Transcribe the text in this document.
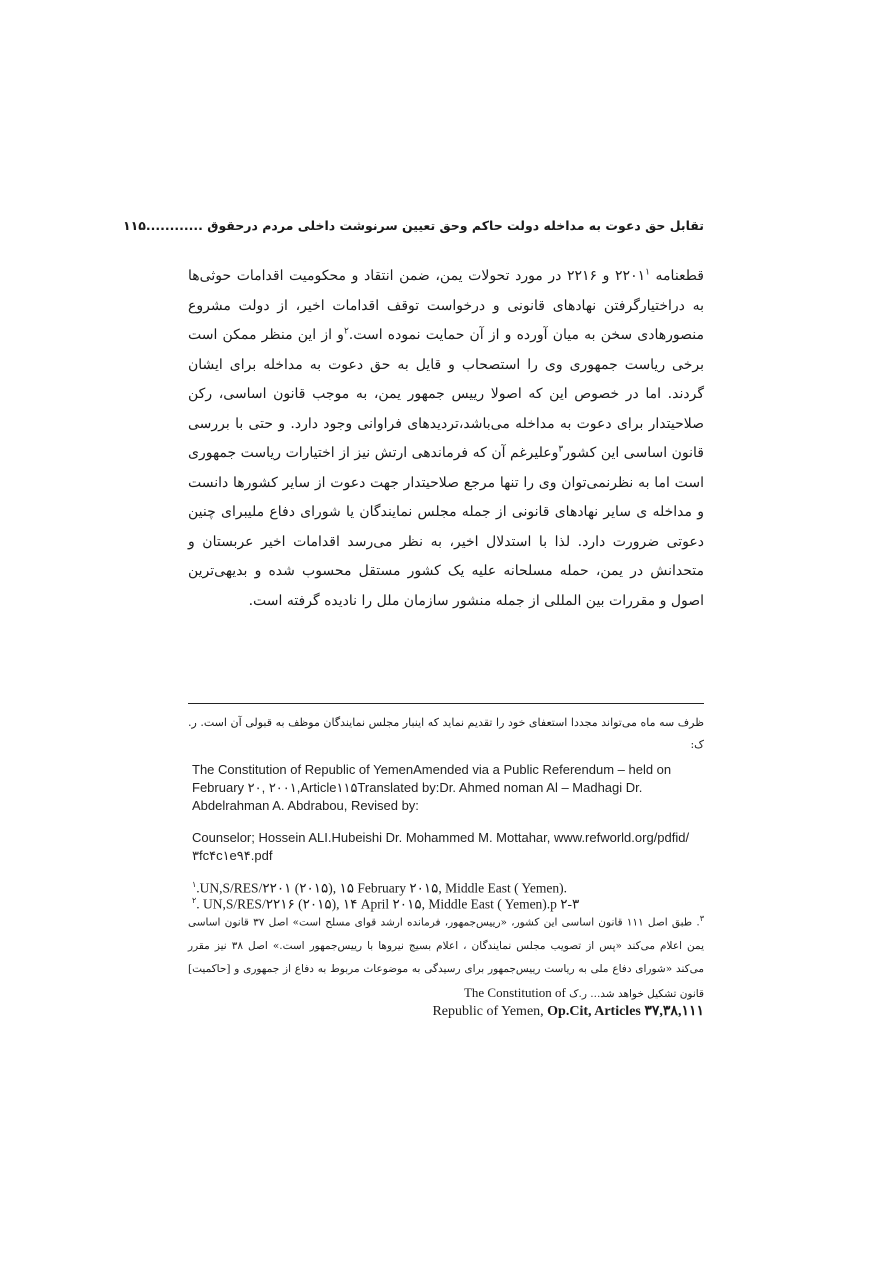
تقابل حق دعوت به مداخله دولت حاکم وحق تعیین سرنوشت داخلی مردم درحقوق ............۱۱۵
قطعنامه ۲۲۰۱$^۱$ و ۲۲۱۶ در مورد تحولات یمن، ضمن انتقاد و محکومیت اقدامات حوثی‌ها به دراختیارگرفتن نهادهای قانونی و درخواست توقف اقدامات اخیر، از دولت مشروع منصورهادی سخن به میان آورده و از آن حمایت نموده است.$^۲$و از این منظر ممکن است برخی ریاست جمهوری وی را استصحاب و قایل به حق دعوت به مداخله برای ایشان گردند. اما در خصوص این که اصولا رییس جمهور یمن، به موجب قانون اساسی، رکن صلاحیتدار برای دعوت به مداخله می‌باشد،تردیدهای فراوانی وجود دارد. و حتی با بررسی قانون اساسی این کشور$^۳$وعلیرغم آن که فرماندهی ارتش نیز از اختیارات ریاست جمهوری است اما به نظرنمی‌توان وی را تنها مرجع صلاحیتدار جهت دعوت از سایر کشورها دانست و مداخله ی سایر نهادهای قانونی از جمله مجلس نمایندگان یا شورای دفاع ملیبرای چنین دعوتی ضرورت دارد. لذا با استدلال اخیر، به نظر می‌رسد اقدامات اخیر عربستان و متحدانش در یمن، حمله مسلحانه علیه یک کشور مستقل محسوب شده و بدیهی‌ترین اصول و مقررات بین المللی از جمله منشور سازمان ملل را نادیده گرفته است.
ظرف سه ماه می‌تواند مجددا استعفای خود را تقدیم نماید که اینبار مجلس نمایندگان موظف به قبولی آن است. ر. ک:
The Constitution of Republic of YemenAmended via a Public Referendum – held on February ۲۰, ۲۰۰۱,Article۱۱۵Translated by:Dr. Ahmed noman Al – Madhagi Dr. Abdelrahman A. Abdrabou, Revised by:
Counselor; Hossein ALI.Hubeishi Dr. Mohammed M. Mottahar, www.refworld.org/pdfid/۳fc۴c۱e۹۴.pdf
$^۱$.UN,S/RES/۲۲۰۱ (۲۰۱۵), ۱۵ February ۲۰۱۵, Middle East ( Yemen).
$^۲$. UN,S/RES/۲۲۱۶ (۲۰۱۵), ۱۴ April ۲۰۱۵, Middle East ( Yemen).p ۲-۳
$^۳$. طبق اصل ۱۱۱ قانون اساسی این کشور، «رییس‌جمهور، فرمانده ارشد قوای مسلح است» اصل ۳۷ قانون اساسی یمن اعلام می‌کند «پس از تصویب مجلس نمایندگان ، اعلام بسیج نیروها با رییس‌جمهور است.» اصل ۳۸ نیز مقرر می‌کند «شورای دفاع ملی به ریاست رییس‌جمهور برای رسیدگی به موضوعات مربوط به دفاع از جمهوری و [حاکمیت] قانون تشکیل خواهد شد... ر.ک The Constitution of
Republic of Yemen, Op.Cit, Articles ۳۷,۳۸,۱۱۱
